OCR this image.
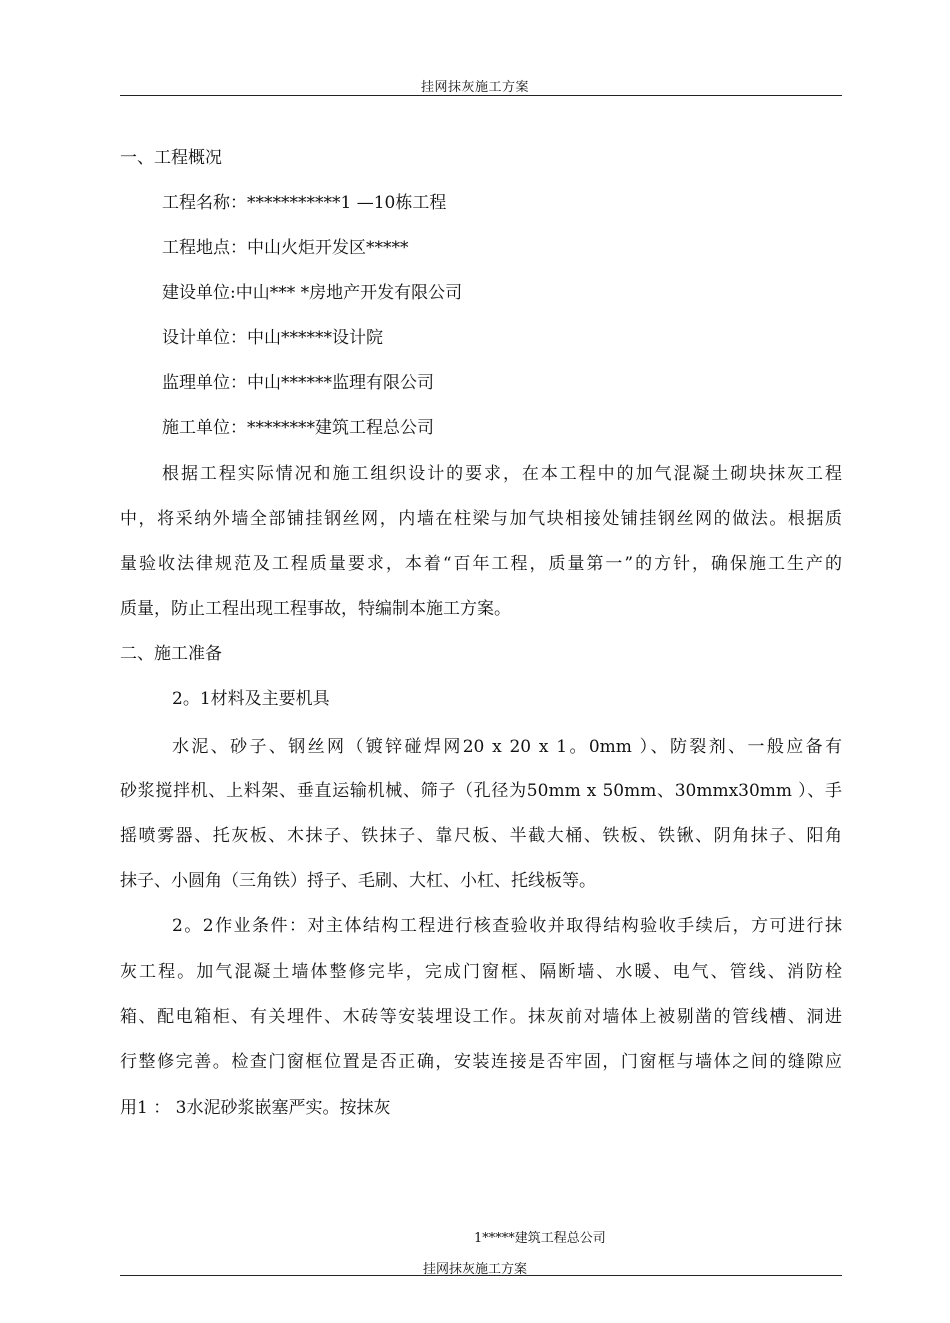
挂网抹灰施工方案
一、工程概况
工程名称：***********1 —10栋工程
工程地点：中山火炬开发区*****
建设单位:中山*** *房地产开发有限公司
设计单位：中山******设计院
监理单位：中山******监理有限公司
施工单位：********建筑工程总公司
根据工程实际情况和施工组织设计的要求，在本工程中的加气混凝土砌块抹灰工程
中，将采纳外墙全部铺挂钢丝网，内墙在柱梁与加气块相接处铺挂钢丝网的做法。根据质
量验收法律规范及工程质量要求，本着“百年工程，质量第一”的方针，确保施工生产的
质量，防止工程出现工程事故，特编制本施工方案。
二、施工准备
2。1材料及主要机具
水泥、砂子、钢丝网（镀锌碰焊网20 x 20 x 1。0mm ）、防裂剂、一般应备有
砂浆搅拌机、上料架、垂直运输机械、筛子（孔径为50mm x 50mm、30mmx30mm ）、手
摇喷雾器、托灰板、木抹子、铁抹子、靠尺板、半截大桶、铁板、铁锹、阴角抹子、阳角
抹子、小圆角（三角铁）捋子、毛刷、大杠、小杠、托线板等。
2。2作业条件：对主体结构工程进行核查验收并取得结构验收手续后，方可进行抹
灰工程。加气混凝土墙体整修完毕，完成门窗框、隔断墙、水暖、电气、管线、消防栓
箱、配电箱柜、有关埋件、木砖等安装埋设工作。抹灰前对墙体上被剔凿的管线槽、洞进
行整修完善。检查门窗框位置是否正确，安装连接是否牢固，门窗框与墙体之间的缝隙应
用1 ： 3水泥砂浆嵌塞严实。按抹灰
1*****建筑工程总公司
挂网抹灰施工方案
